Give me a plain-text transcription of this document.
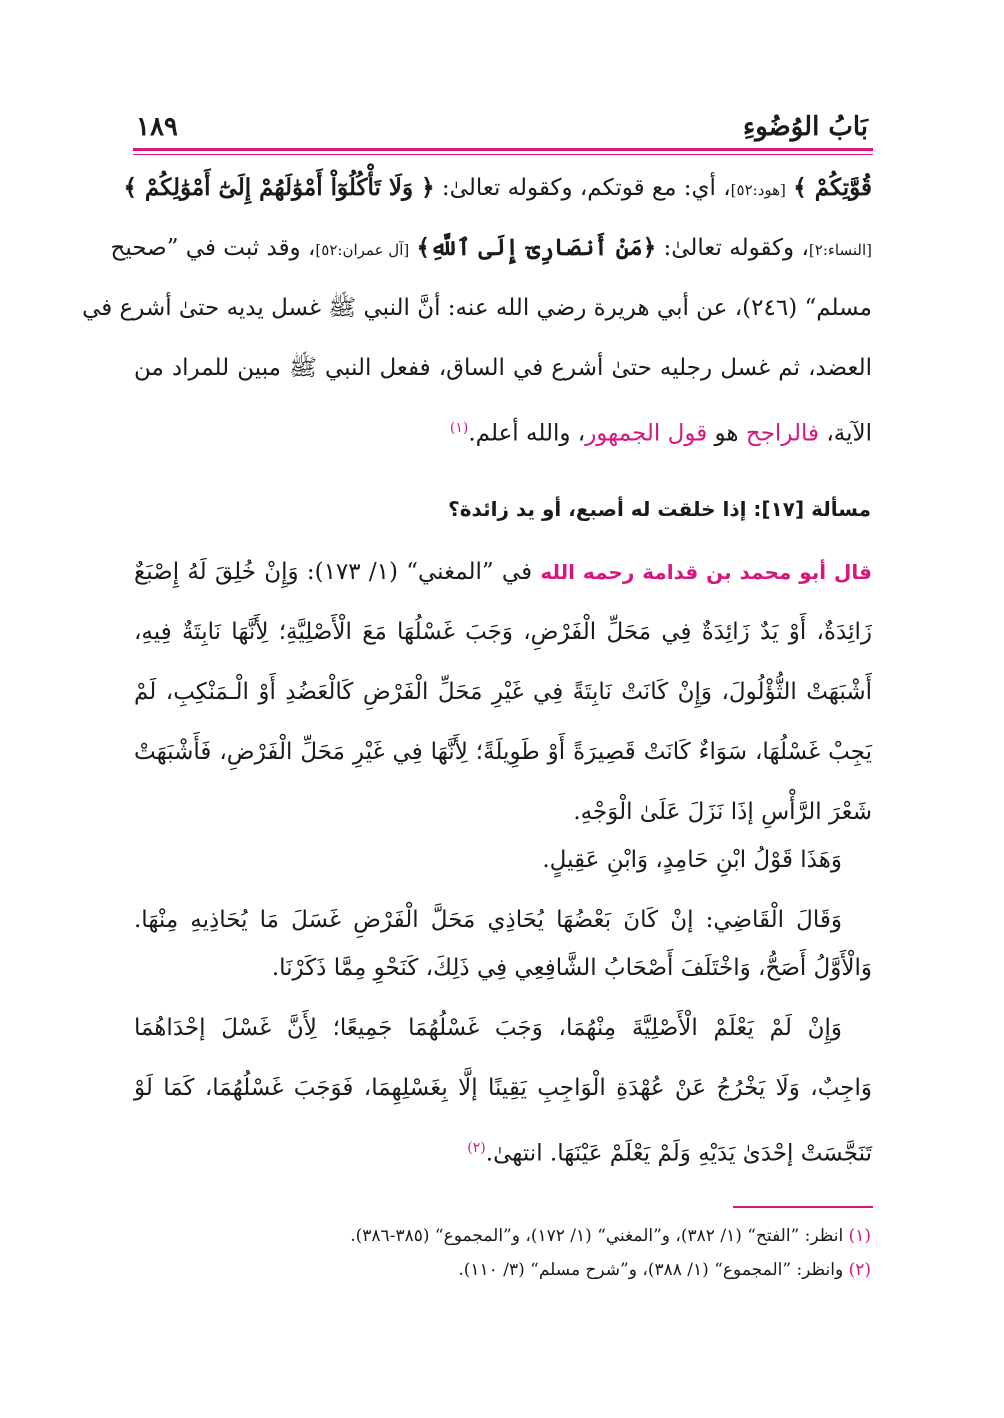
بَابُ الوُضُوءِ
١٨٩
قُوَّتِكُمْ ﴾ [هود:٥٢]، أي: مع قوتكم، وكقوله تعالىٰ: ﴿ وَلَا تَأْكُلُوٓاْ أَمْوَٰلَهُمْ إِلَىٰٓ أَمْوَٰلِكُمْ ﴾
[النساء:٢]، وكقوله تعالىٰ: ﴿مَنْ أَنصَارِىٓ إِلَى ٱللَّهِ﴾ [آل عمران:٥٢]، وقد ثبت في ”صحيح
مسلم“ (٢٤٦)، عن أبي هريرة رضي الله عنه: أنَّ النبي ﷺ غسل يديه حتىٰ أشرع في
العضد، ثم غسل رجليه حتىٰ أشرع في الساق، ففعل النبي ﷺ مبين للمراد من
الآية، فالراجح هو قول الجمهور، والله أعلم.$^{(١)}$
مسألة [١٧]: إذا خلقت له أصبع، أو يد زائدة؟
قال أبو محمد بن قدامة رحمه الله في ”المغني“ (١/ ١٧٣): وَإِنْ خُلِقَ لَهُ إِصْبَعٌ
زَائِدَةٌ، أَوْ يَدٌ زَائِدَةٌ فِي مَحَلِّ الْفَرْضِ، وَجَبَ غَسْلُهَا مَعَ الْأَصْلِيَّةِ؛ لِأَنَّهَا نَابِتَةٌ فِيهِ،
أَشْبَهَتْ الثُّؤْلُولَ، وَإِنْ كَانَتْ نَابِتَةً فِي غَيْرِ مَحَلِّ الْفَرْضِ كَالْعَضُدِ أَوْ الْـمَنْكِبِ، لَمْ
يَجِبْ غَسْلُهَا، سَوَاءٌ كَانَتْ قَصِيرَةً أَوْ طَوِيلَةً؛ لِأَنَّهَا فِي غَيْرِ مَحَلِّ الْفَرْضِ، فَأَشْبَهَتْ
شَعْرَ الرَّأْسِ إذَا نَزَلَ عَلَىٰ الْوَجْهِ.
وَهَذَا قَوْلُ ابْنِ حَامِدٍ، وَابْنِ عَقِيلٍ.
وَقَالَ الْقَاضِي: إنْ كَانَ بَعْضُهَا يُحَاذِي مَحَلَّ الْفَرْضِ غَسَلَ مَا يُحَاذِيهِ مِنْهَا.
وَالْأَوَّلُ أَصَحُّ، وَاخْتَلَفَ أَصْحَابُ الشَّافِعِي فِي ذَلِكَ، كَنَحْوِ مِمَّا ذَكَرْنَا.
وَإِنْ لَمْ يَعْلَمْ الْأَصْلِيَّةَ مِنْهُمَا، وَجَبَ غَسْلُهُمَا جَمِيعًا؛ لِأَنَّ غَسْلَ إحْدَاهُمَا
وَاجِبٌ، وَلَا يَخْرُجُ عَنْ عُهْدَةِ الْوَاجِبِ يَقِينًا إلَّا بِغَسْلِهِمَا، فَوَجَبَ غَسْلُهُمَا، كَمَا لَوْ
تَنَجَّسَتْ إحْدَىٰ يَدَيْهِ وَلَمْ يَعْلَمْ عَيْنَهَا. انتهىٰ.$^{(٢)}$
(١) انظر: ”الفتح“ (١/ ٣٨٢)، و”المغني“ (١/ ١٧٢)، و”المجموع“ (٣٨٥-٣٨٦).
(٢) وانظر: ”المجموع“ (١/ ٣٨٨)، و”شرح مسلم“ (٣/ ١١٠).
